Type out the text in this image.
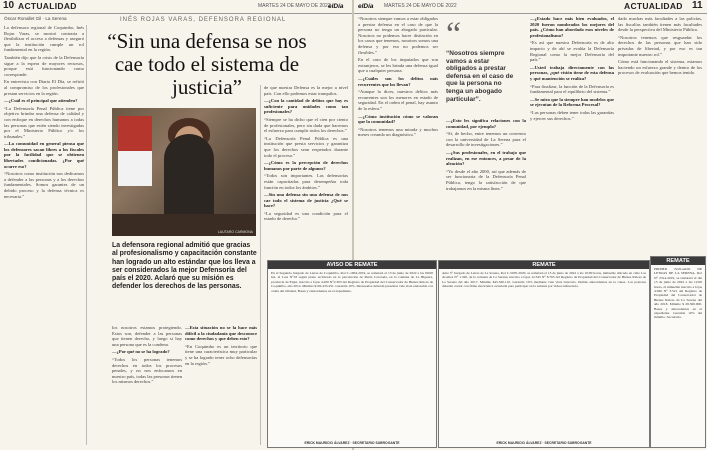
10 ACTUALIDAD	MARTES 24 DE MAYO DE 2022
elDía
Óscar Ronallet Gil · La Serena	INÉS ROJAS VARAS, DEFENSORA REGIONAL
“Sin una defensa se nos cae todo el sistema de justicia”

La defensora regional de Coquimbo, Inés Rojas Varas, se mostró contraria a flexibilizar el acceso a defensas y aseguró que la institución cumple un rol fundamental en la región.

También dijo que la crisis de la Defensoría sigue a la espera de mayores recursos, porque está funcionando como corresponde.

En entrevista con Diario El Día, se refirió al compromiso de los profesionales que prestan servicios en la región.

—¿Cuál es el principal que atienden?

“La Defensoría Penal Pública tiene por objetivo brindar una defensa de calidad y con enfoque en derechos humanos a todas las personas que estén siendo investigadas por el Ministerio Público y/o los tribunales.”

—La comunidad en general piensa que los defensores sacan libres a los fiscales por la facilidad que se obtienen libertades condicionadas. ¿Por qué ocurre eso?

“Nosotros como institución nos dedicamos a defender a las personas y a los derechos fundamentales. Somos garantes de un debido proceso y la defensa técnica es necesaria.”

LAUTARO CARMONA
La defensora regional admitió que gracias al profesionalismo y capacitación constante han logrado un alto estándar que los lleva a ser considerados la mejor Defensoría del país el 2020. Aclaró que su misión es defender los derechos de las personas.

los nosotros estamos protegiendo. Estos son, defender a las personas que tienen derecho, y luego si hay una persona que es la condena.

—¿Por qué no se ha logrado?

“Todos los personas tenemos derechos en todos los procesos penales, y no nos enfocamos en nuestro país, todas las personas tienen los mismos derechos.”

—Esta situación no se la hace más difícil a la ciudadanía que desconoce como derechos y que deben esto?

“En Coquimbo es un territorio que tiene una característica muy particular y se ha logrado tener ocho defensorías en la región.”

de que nuestra Defensa es la mejor a nivel país. Con ello podemos estar tranquilos.

—¿Con la cantidad de delitos que hay es suficiente para unidades como tan profesionales?

“Siempre se ha dicho que el cien por ciento de profesionales, pero sin duda que hacemos el esfuerzo para cumplir todos los derechos.”

“La Defensoría Penal Pública es una institución que presta servicios y garantiza que los derechos sean respetados durante todo el proceso.”

—¿Cómo es la percepción de derechos humanos por parte de algunos?

“Todos son importantes. Las defensorías están capacitadas para desempeñar toda función en todos los ámbitos.”

—Sin una defensa sin una defensa de nos cae todo el sistema de justicia ¿Qué se hace?

“La seguridad es una condición para el estado de derecho.”

elDía MARTES 24 DE MAYO DE 2022	ACTUALIDAD 11

“Nosotros siempre vamos a estar obligados a prestar defensa en el caso de que la persona no tenga un abogado particular. Nosotros no podemos hacer distinción en los casos que tenemos, nosotros somos una defensa y por eso no podemos ser flexibles.”

En el caso de los imputados que son extranjeros, se les brinda una defensa igual que a cualquier persona.

—¿Cuáles son los delitos más recurrentes que los llevan?

“Aunque lo dices, nuestros delitos más recurrentes son los menores en estado de seguridad. En el orden el penal, hay asunto de la esfera.”

—¿Cómo institución cómo se valoran que la comunidad?

“Nosotros tenemos una mirada y muchos meses creando un diagnóstico.”

“
“Nosotros siempre vamos a estar obligados a prestar defensa en el caso de que la persona no tenga un abogado particular”.

—¿Esto les significa relaciones con la comunidad, por ejemplo?

“Sí, de hecho, entre tenemos un convenio con la universidad de La Serena para el desarrollo de investigaciones.”

—¿Sus profesionales, en el trabajo que realizan, en ese entonces, a pesar de la aleación?

“Yo desde el año 2000, así que además de ser funcionaria de la Defensoría Penal Pública, tengo la satisfacción de que trabajamos en la misma línea.”

—¿Estado hace más bien evaluados, el 2020 fueron nombrados los mejores del país. ¿Cómo han abordado esos niveles de profesionalismo?

“Es así que nuestra Defensoría es de alto impacto y de ahí se evalúa la Defensoría Regional como la mejor Defensoría del país.”

—Usted trabaja directamente con las personas, ¿qué visión tiene de esta defensa y qué mantención se realiza?

“Para finalizar, la función de la Defensoría es fundamental para el equilibrio del sistema.”

—Se mira que la siempre han modelos que se ejecutan de la Reforma Procesal?

“Las personas deben tener todas las garantías y ejercer sus derechos.”

dado muchas más facultades a las policías, las fiscalías también tienen más facultades desde la perspectiva del Ministerio Público.

“Nosotros tenemos que resguardar los derechos de las personas que han sido privadas de libertad, y por eso es tan importante nuestro rol.”

Cómo está funcionando el sistema, estamos haciendo un esfuerzo grande y dentro de los procesos de evaluación que hemos tenido.

REMATE
PRIMER JUZGADO DE LETRAS DE LA SERENA, Rol N° 2314-2019, se rematará el día 13 de junio de 2022 a las 12:00 horas, el inmueble inscrito a fojas 4.566 N° 3.521 del Registro de Propiedad del Conservador de Bienes Raíces de La Serena del año 2018. Mínimo $ 28.500.000. Bases y antecedentes en el expediente. Garantía 10% del mínimo. Secretaria.
AVISO DE REMATE
En el Segundo Juzgado de Letras de Coquimbo, Rol C-1904-2019, se rematará el 13 de junio de 2022 a las 09:00 hrs. el Lote N°18 según plano archivado en la parcelación de Punta Colorada, en la comuna de La Higuera, provincia de Elqui, inscrito a fojas 4.209 N°2.303 del Registro de Propiedad del Conservador de Bienes Raíces de Coquimbo, año 2014. Mínimo $102.435.451. Garantía 10%. Interesados deberán presentar vale vista endosable a la orden del tribunal. Bases y antecedentes en el expediente.
ERICK MAURICIO ÁLVAREZ · SECRETARIO SUBROGANTE
REMATE
Ante 3° Juzgado de Letras de La Serena, Rol C-5005-2020, se rematará el 13 de junio de 2022 a las 10:00 horas, inmueble ubicado en calle Los Aromos N° 1.320, de la comuna de La Serena, inscrito a fojas 12.345 N° 8.765 del Registro de Propiedad del Conservador de Bienes Raíces de La Serena del año 2017. Mínimo $45.320.110. Garantía 10% mediante vale vista bancario. Demás antecedentes en la causa. Los postores deberán contar con firma electrónica avanzada para participar en la subasta por videoconferencia.
ERICK MAURICIO ÁLVAREZ · SECRETARIO SUBROGANTE
